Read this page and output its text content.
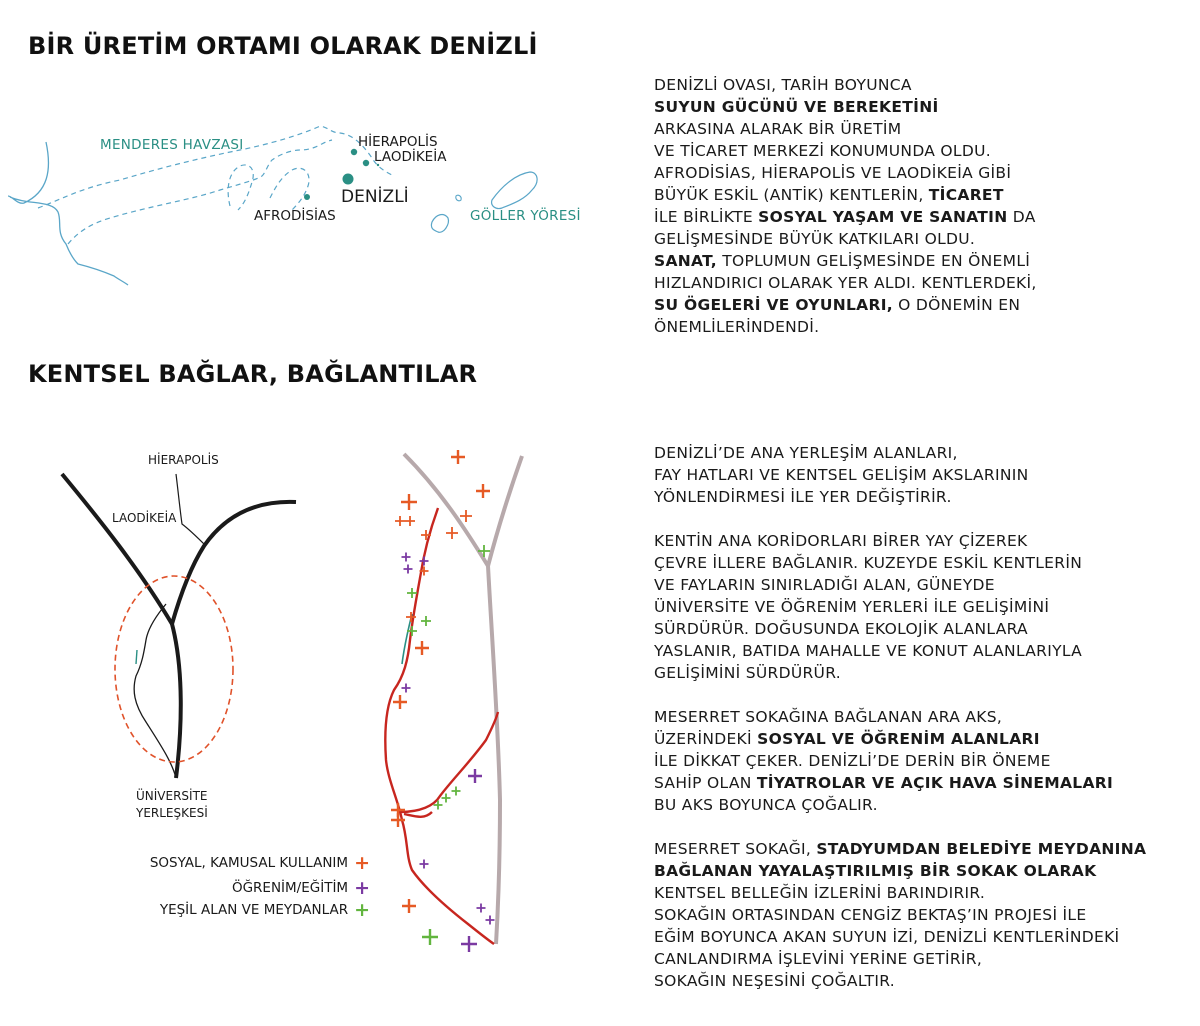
BİR ÜRETİM ORTAMI OLARAK DENİZLİ
KENTSEL BAĞLAR, BAĞLANTILAR
DENİZLİ OVASI, TARİH BOYUNCA
SUYUN GÜCÜNÜ VE BEREKETİNİ
ARKASINA ALARAK BİR ÜRETİM
VE TİCARET MERKEZİ KONUMUNDA OLDU.
AFRODİSİAS, HİERAPOLİS VE LAODİKEİA GİBİ
BÜYÜK ESKİL (ANTİK) KENTLERİN, TİCARET
İLE BİRLİKTE SOSYAL YAŞAM VE SANATIN DA
GELİŞMESİNDE BÜYÜK KATKILARI OLDU.
SANAT, TOPLUMUN GELİŞMESİNDE EN ÖNEMLİ
HIZLANDIRICI OLARAK YER ALDI. KENTLERDEKİ,
SU ÖGELERİ VE OYUNLARI, O DÖNEMİN EN
ÖNEMLİLERİNDENDİ.
DENİZLİ’DE ANA YERLEŞİM ALANLARI,
FAY HATLARI VE KENTSEL GELİŞİM AKSLARININ
YÖNLENDİRMESİ İLE YER DEĞİŞTİRİR.
KENTİN ANA KORİDORLARI BİRER YAY ÇİZEREK
ÇEVRE İLLERE BAĞLANIR. KUZEYDE ESKİL KENTLERİN
VE FAYLARIN SINIRLADIĞI ALAN, GÜNEYDE
ÜNİVERSİTE VE ÖĞRENİM YERLERİ İLE GELİŞİMİNİ
SÜRDÜRÜR. DOĞUSUNDA EKOLOJİK ALANLARA
YASLANIR, BATIDA MAHALLE VE KONUT ALANLARIYLA
GELİŞİMİNİ SÜRDÜRÜR.
MESERRET SOKAĞINA BAĞLANAN ARA AKS,
ÜZERİNDEKİ SOSYAL VE ÖĞRENİM ALANLARI
İLE DİKKAT ÇEKER. DENİZLİ’DE DERİN BİR ÖNEME
SAHİP OLAN TİYATROLAR VE AÇIK HAVA SİNEMALARI
BU AKS BOYUNCA ÇOĞALIR.
MESERRET SOKAĞI, STADYUMDAN BELEDİYE MEYDANINA
BAĞLANAN YAYALAŞTIRILMIŞ BİR SOKAK OLARAK
KENTSEL BELLEĞİN İZLERİNİ BARINDIRIR.
SOKAĞIN ORTASINDAN CENGİZ BEKTAŞ’IN PROJESİ İLE
EĞİM BOYUNCA AKAN SUYUN İZİ, DENİZLİ KENTLERİNDEKİ
CANLANDIRMA İŞLEVİNİ YERİNE GETİRİR,
SOKAĞIN NEŞESİNİ ÇOĞALTIR.
MENDERES HAVZASI
GÖLLER YÖRESİ
HİERAPOLİS
LAODİKEİA
DENİZLİ
AFRODİSİAS
HİERAPOLİS
LAODİKEİA
ÜNİVERSİTE
YERLEŞKESİ
SOSYAL, KAMUSAL KULLANIM +
ÖĞRENİM/EĞİTİM +
YEŞİL ALAN VE MEYDANLAR +
